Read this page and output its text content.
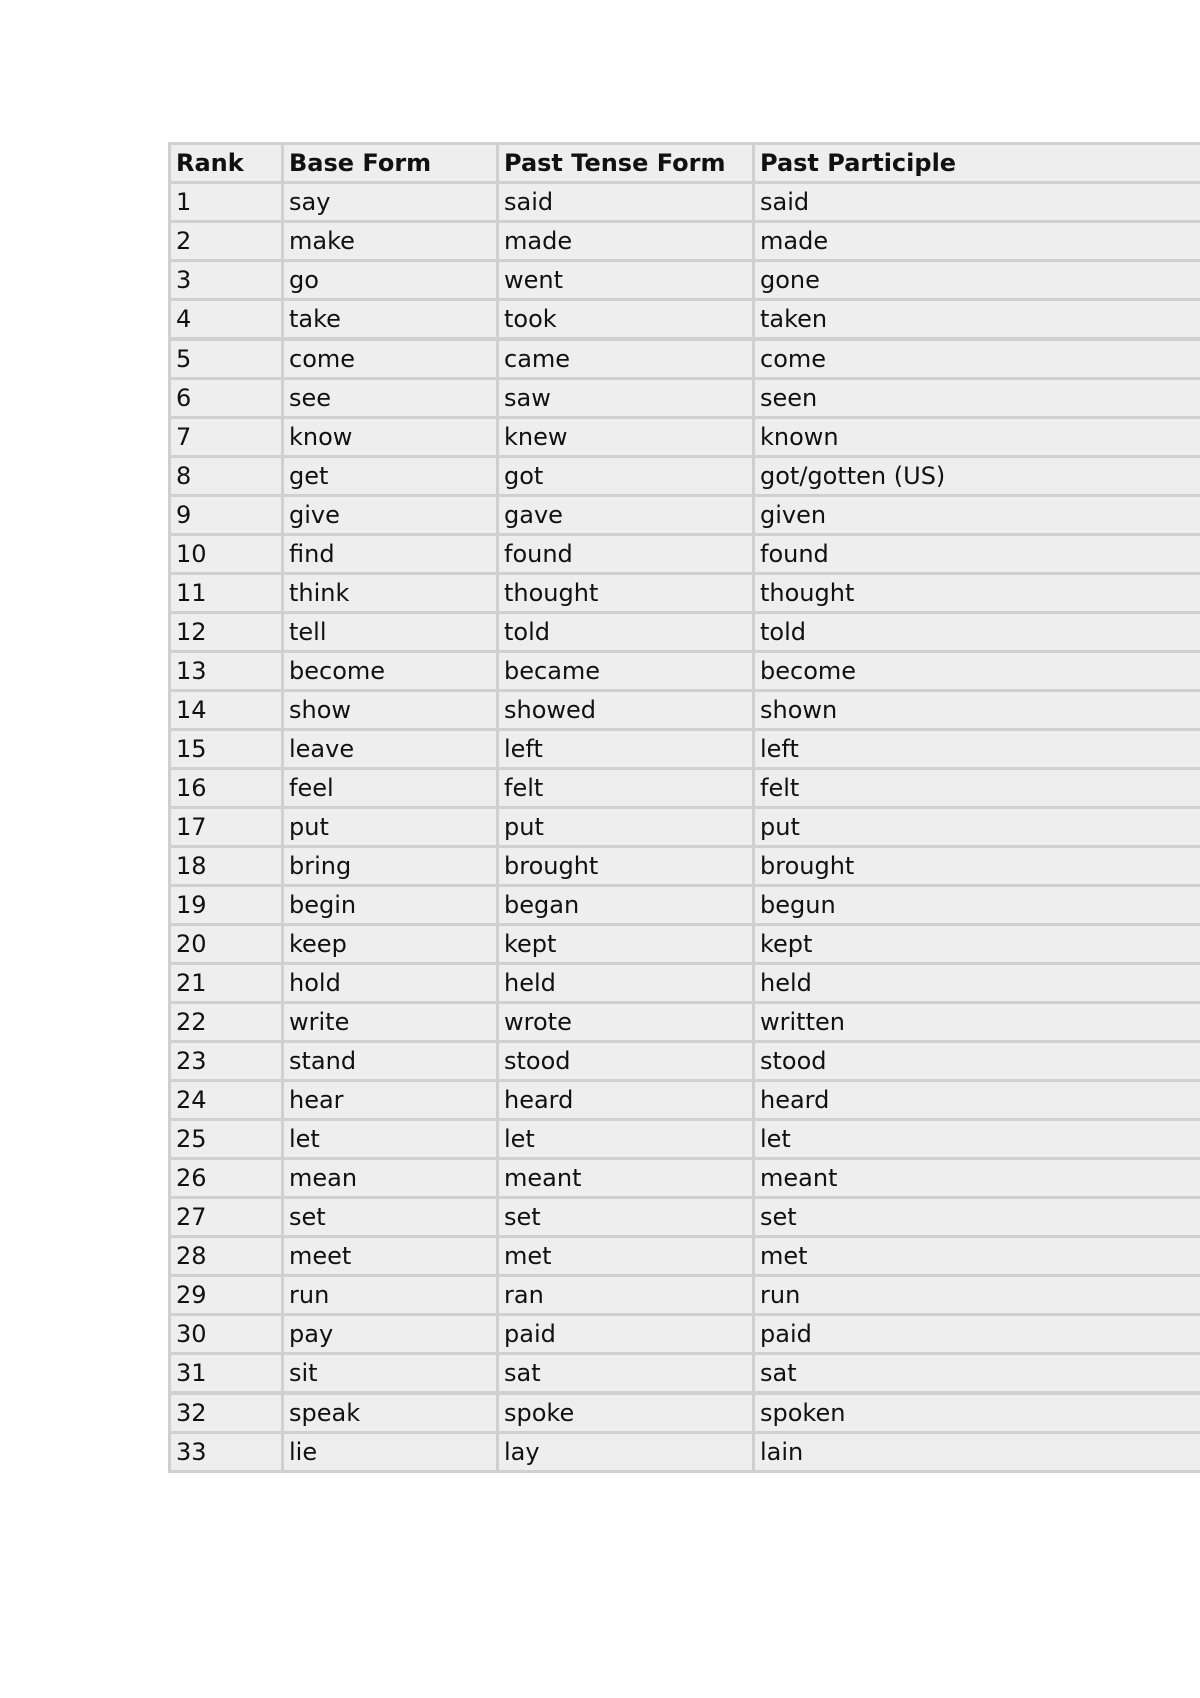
Rank	Base Form	Past Tense Form	Past Participle
1	say	said	said
2	make	made	made
3	go	went	gone
4	take	took	taken
5	come	came	come
6	see	saw	seen
7	know	knew	known
8	get	got	got/gotten (US)
9	give	gave	given
10	find	found	found
11	think	thought	thought
12	tell	told	told
13	become	became	become
14	show	showed	shown
15	leave	left	left
16	feel	felt	felt
17	put	put	put
18	bring	brought	brought
19	begin	began	begun
20	keep	kept	kept
21	hold	held	held
22	write	wrote	written
23	stand	stood	stood
24	hear	heard	heard
25	let	let	let
26	mean	meant	meant
27	set	set	set
28	meet	met	met
29	run	ran	run
30	pay	paid	paid
31	sit	sat	sat
32	speak	spoke	spoken
33	lie	lay	lain
